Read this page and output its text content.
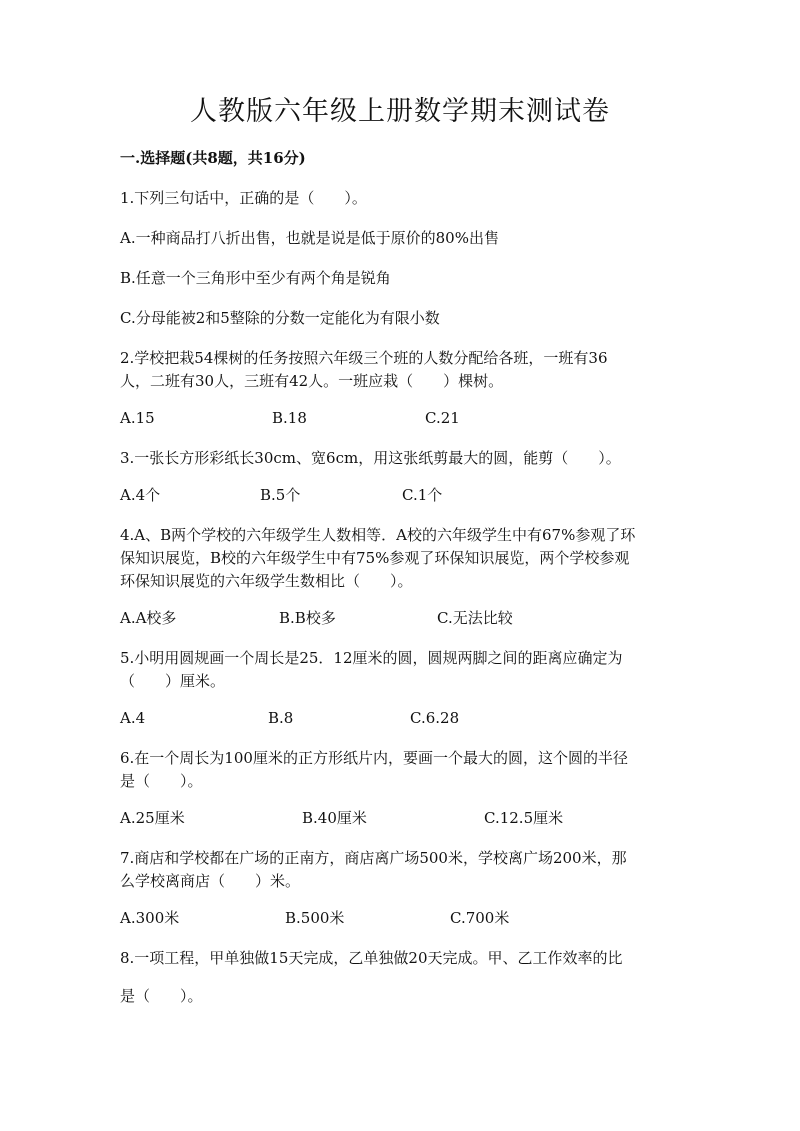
人教版六年级上册数学期末测试卷
一.选择题(共8题，共16分)
1.下列三句话中，正确的是（　　）。
A.一种商品打八折出售，也就是说是低于原价的80%出售
B.任意一个三角形中至少有两个角是锐角
C.分母能被2和5整除的分数一定能化为有限小数
2.学校把栽54棵树的任务按照六年级三个班的人数分配给各班，一班有36
人，二班有30人，三班有42人。一班应栽（　　）棵树。
A.15	B.18	C.21
3.一张长方形彩纸长30cm、宽6cm，用这张纸剪最大的圆，能剪（　　）。
A.4个	B.5个	C.1个
4.A、B两个学校的六年级学生人数相等．A校的六年级学生中有67%参观了环
保知识展览，B校的六年级学生中有75%参观了环保知识展览，两个学校参观
环保知识展览的六年级学生数相比（　　）。
A.A校多	B.B校多	C.无法比较
5.小明用圆规画一个周长是25．12厘米的圆，圆规两脚之间的距离应确定为
（　　）厘米。
A.4	B.8	C.6.28
6.在一个周长为100厘米的正方形纸片内，要画一个最大的圆，这个圆的半径
是（　　）。
A.25厘米	B.40厘米	C.12.5厘米
7.商店和学校都在广场的正南方，商店离广场500米，学校离广场200米，那
么学校离商店（　　）米。
A.300米	B.500米	C.700米
8.一项工程，甲单独做15天完成，乙单独做20天完成。甲、乙工作效率的比
是（　　）。
